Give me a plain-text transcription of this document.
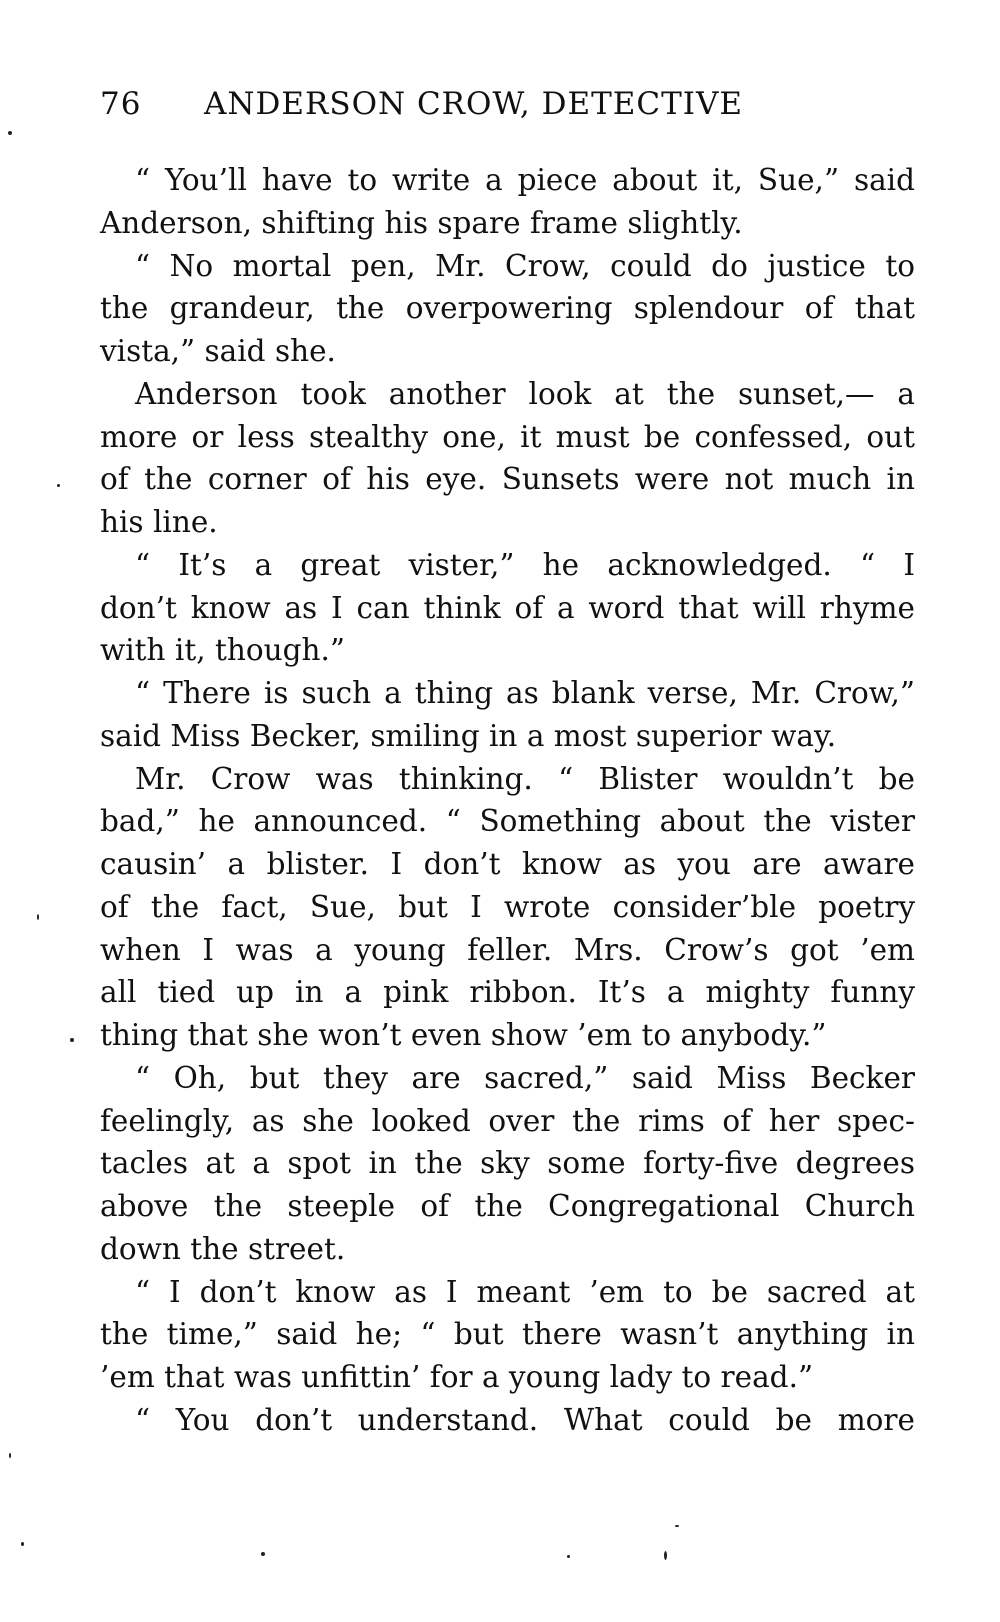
76 ANDERSON CROW, DETECTIVE
“ You’ll have to write a piece about it, Sue,” said
Anderson, shifting his spare frame slightly.
“ No mortal pen, Mr. Crow, could do justice to
the grandeur, the overpowering splendour of that
vista,” said she.
Anderson took another look at the sunset,— a
more or less stealthy one, it must be confessed, out
of the corner of his eye. Sunsets were not much in
his line.
“ It’s a great vister,” he acknowledged. “ I
don’t know as I can think of a word that will rhyme
with it, though.”
“ There is such a thing as blank verse, Mr. Crow,”
said Miss Becker, smiling in a most superior way.
Mr. Crow was thinking. “ Blister wouldn’t be
bad,” he announced. “ Something about the vister
causin’ a blister. I don’t know as you are aware
of the fact, Sue, but I wrote consider’ble poetry
when I was a young feller. Mrs. Crow’s got ’em
all tied up in a pink ribbon. It’s a mighty funny
thing that she won’t even show ’em to anybody.”
“ Oh, but they are sacred,” said Miss Becker
feelingly, as she looked over the rims of her spec-
tacles at a spot in the sky some forty-five degrees
above the steeple of the Congregational Church
down the street.
“ I don’t know as I meant ’em to be sacred at
the time,” said he; “ but there wasn’t anything in
’em that was unfittin’ for a young lady to read.”
“ You don’t understand. What could be more
